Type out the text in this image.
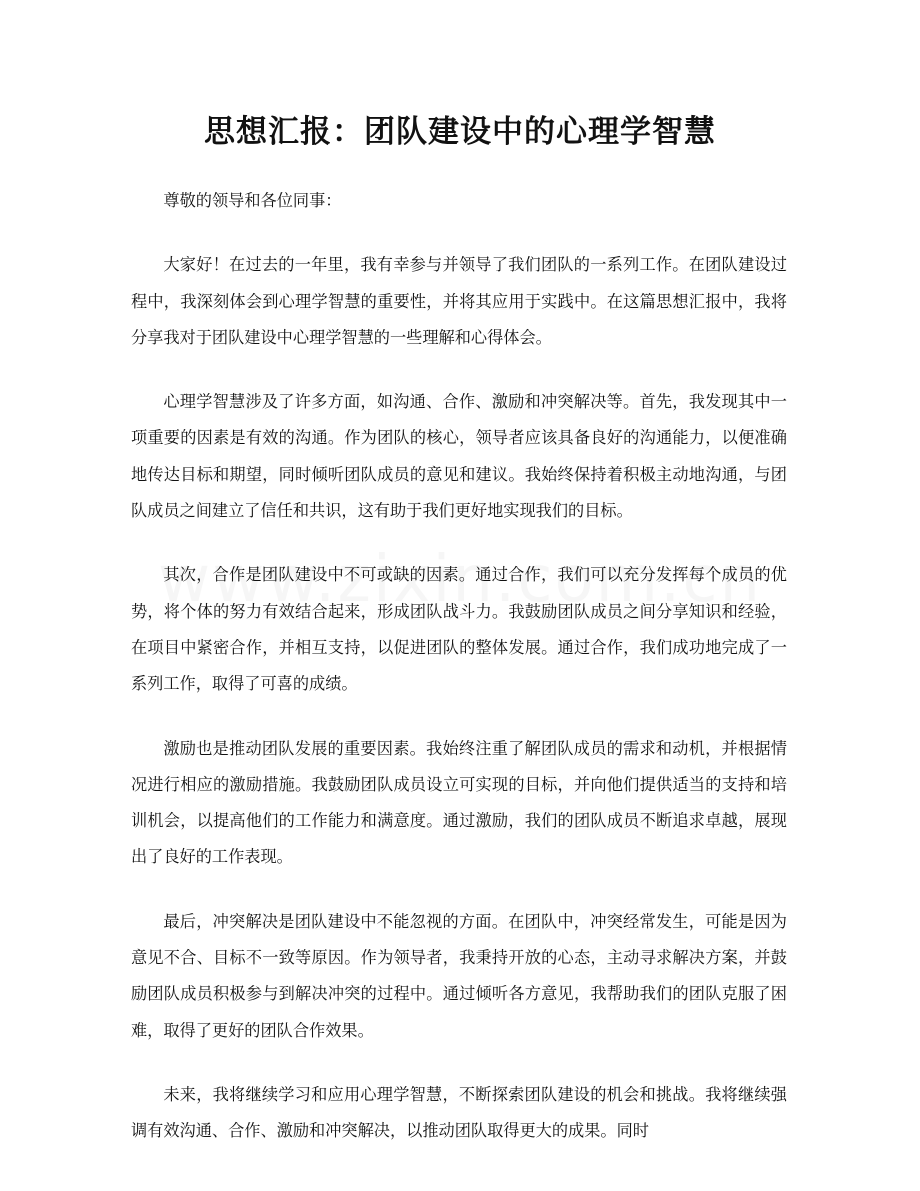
思想汇报：团队建设中的心理学智慧

尊敬的领导和各位同事：

大家好！在过去的一年里，我有幸参与并领导了我们团队的一系列工作。在团队建设过程中，我深刻体会到心理学智慧的重要性，并将其应用于实践中。在这篇思想汇报中，我将分享我对于团队建设中心理学智慧的一些理解和心得体会。

心理学智慧涉及了许多方面，如沟通、合作、激励和冲突解决等。首先，我发现其中一项重要的因素是有效的沟通。作为团队的核心，领导者应该具备良好的沟通能力，以便准确地传达目标和期望，同时倾听团队成员的意见和建议。我始终保持着积极主动地沟通，与团队成员之间建立了信任和共识，这有助于我们更好地实现我们的目标。

其次，合作是团队建设中不可或缺的因素。通过合作，我们可以充分发挥每个成员的优势，将个体的努力有效结合起来，形成团队战斗力。我鼓励团队成员之间分享知识和经验，在项目中紧密合作，并相互支持，以促进团队的整体发展。通过合作，我们成功地完成了一系列工作，取得了可喜的成绩。

激励也是推动团队发展的重要因素。我始终注重了解团队成员的需求和动机，并根据情况进行相应的激励措施。我鼓励团队成员设立可实现的目标，并向他们提供适当的支持和培训机会，以提高他们的工作能力和满意度。通过激励，我们的团队成员不断追求卓越，展现出了良好的工作表现。

最后，冲突解决是团队建设中不能忽视的方面。在团队中，冲突经常发生，可能是因为意见不合、目标不一致等原因。作为领导者，我秉持开放的心态，主动寻求解决方案，并鼓励团队成员积极参与到解决冲突的过程中。通过倾听各方意见，我帮助我们的团队克服了困难，取得了更好的团队合作效果。

未来，我将继续学习和应用心理学智慧，不断探索团队建设的机会和挑战。我将继续强调有效沟通、合作、激励和冲突解决，以推动团队取得更大的成果。同时
